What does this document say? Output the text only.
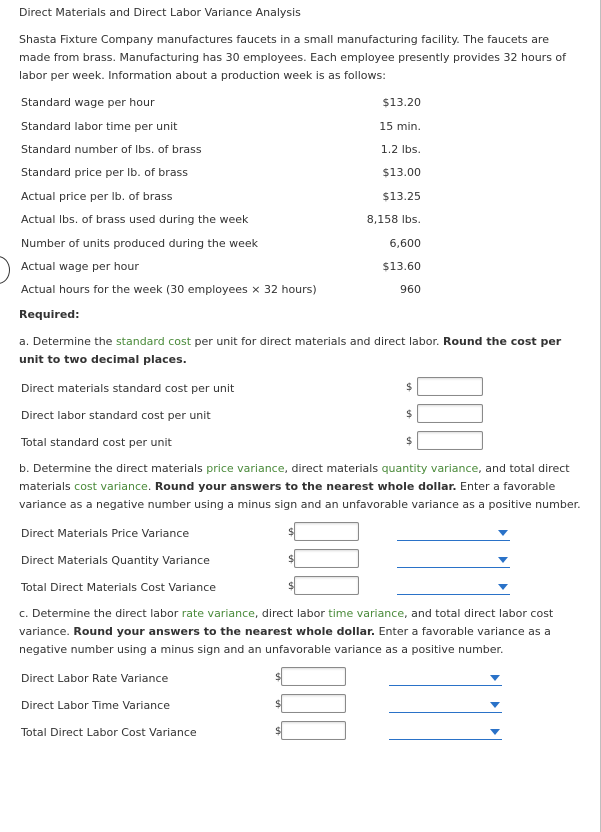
Direct Materials and Direct Labor Variance Analysis
Shasta Fixture Company manufactures faucets in a small manufacturing facility. The faucets are made from brass. Manufacturing has 30 employees. Each employee presently provides 32 hours of labor per week. Information about a production week is as follows:
Standard wage per hour	$13.20
Standard labor time per unit	15 min.
Standard number of lbs. of brass	1.2 lbs.
Standard price per lb. of brass	$13.00
Actual price per lb. of brass	$13.25
Actual lbs. of brass used during the week	8,158 lbs.
Number of units produced during the week	6,600
Actual wage per hour	$13.60
Actual hours for the week (30 employees × 32 hours)	960
Required:
a. Determine the standard cost per unit for direct materials and direct labor. Round the cost per unit to two decimal places.
Direct materials standard cost per unit	$
Direct labor standard cost per unit	$
Total standard cost per unit	$
b. Determine the direct materials price variance, direct materials quantity variance, and total direct materials cost variance. Round your answers to the nearest whole dollar. Enter a favorable variance as a negative number using a minus sign and an unfavorable variance as a positive number.
Direct Materials Price Variance	$
Direct Materials Quantity Variance	$
Total Direct Materials Cost Variance	$
c. Determine the direct labor rate variance, direct labor time variance, and total direct labor cost variance. Round your answers to the nearest whole dollar. Enter a favorable variance as a negative number using a minus sign and an unfavorable variance as a positive number.
Direct Labor Rate Variance	$
Direct Labor Time Variance	$
Total Direct Labor Cost Variance	$
